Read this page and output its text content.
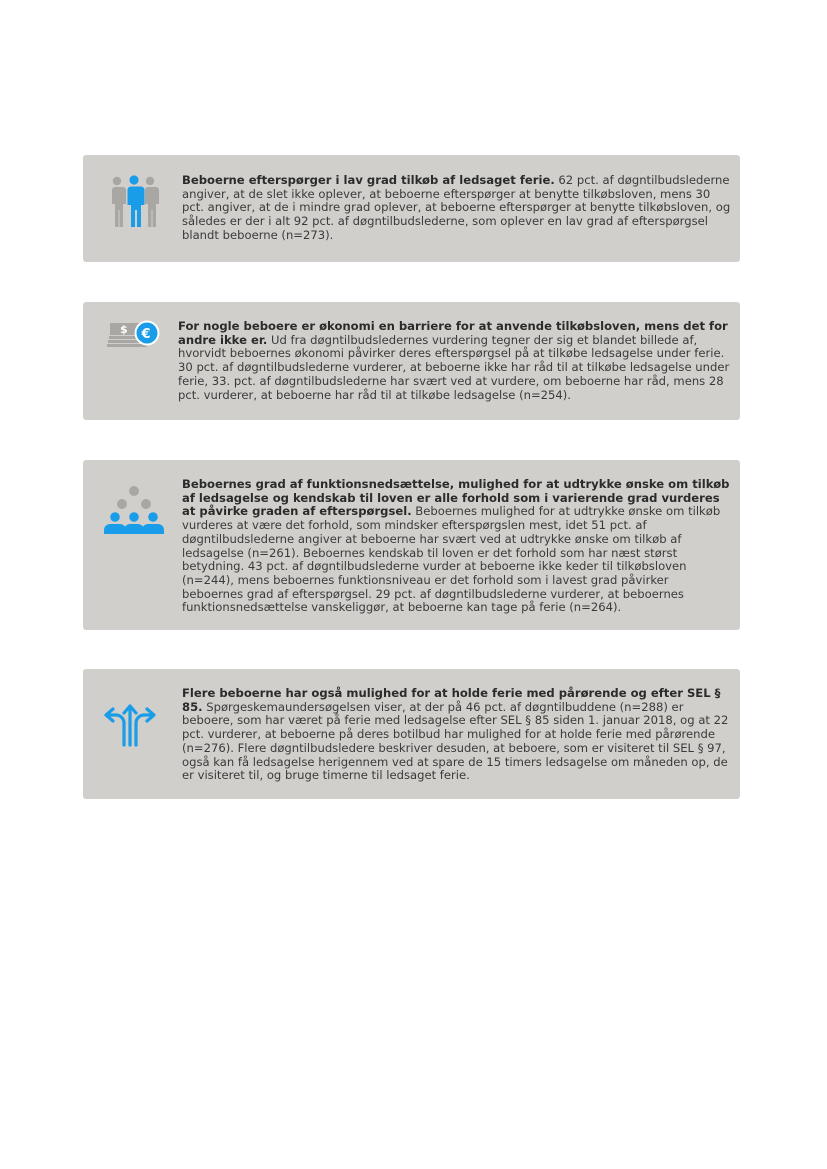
Beboerne efterspørger i lav grad tilkøb af ledsaget ferie. 62 pct. af døgntilbudslederne angiver, at de slet ikke oplever, at beboerne efterspørger at benytte tilkøbsloven, mens 30 pct. angiver, at de i mindre grad oplever, at beboerne efterspørger at benytte tilkøbsloven, og således er der i alt 92 pct. af døgntilbudslederne, som oplever en lav grad af efterspørgsel blandt beboerne (n=273).
$ €
For nogle beboere er økonomi en barriere for at anvende tilkøbsloven, mens det for andre ikke er. Ud fra døgntilbudsledernes vurdering tegner der sig et blandet billede af, hvorvidt beboernes økonomi påvirker deres efterspørgsel på at tilkøbe ledsagelse under ferie. 30 pct. af døgntilbudslederne vurderer, at beboerne ikke har råd til at tilkøbe ledsagelse under ferie, 33. pct. af døgntilbudslederne har svært ved at vurdere, om beboerne har råd, mens 28 pct. vurderer, at beboerne har råd til at tilkøbe ledsagelse (n=254).
Beboernes grad af funktionsnedsættelse, mulighed for at udtrykke ønske om tilkøb af ledsagelse og kendskab til loven er alle forhold som i varierende grad vurderes at påvirke graden af efterspørgsel. Beboernes mulighed for at udtrykke ønske om tilkøb vurderes at være det forhold, som mindsker efterspørgslen mest, idet 51 pct. af døgntilbudslederne angiver at beboerne har svært ved at udtrykke ønske om tilkøb af ledsagelse (n=261). Beboernes kendskab til loven er det forhold som har næst størst betydning. 43 pct. af døgntilbudslederne vurder at beboerne ikke keder til tilkøbsloven (n=244), mens beboernes funktionsniveau er det forhold som i lavest grad påvirker beboernes grad af efterspørgsel. 29 pct. af døgntilbudslederne vurderer, at beboernes funktionsnedsættelse vanskeliggør, at beboerne kan tage på ferie (n=264).
Flere beboerne har også mulighed for at holde ferie med pårørende og efter SEL § 85. Spørgeskemaundersøgelsen viser, at der på 46 pct. af døgntilbuddene (n=288) er beboere, som har været på ferie med ledsagelse efter SEL § 85 siden 1. januar 2018, og at 22 pct. vurderer, at beboerne på deres botilbud har mulighed for at holde ferie med pårørende (n=276). Flere døgntilbudsledere beskriver desuden, at beboere, som er visiteret til SEL § 97, også kan få ledsagelse herigennem ved at spare de 15 timers ledsagelse om måneden op, de er visiteret til, og bruge timerne til ledsaget ferie.
